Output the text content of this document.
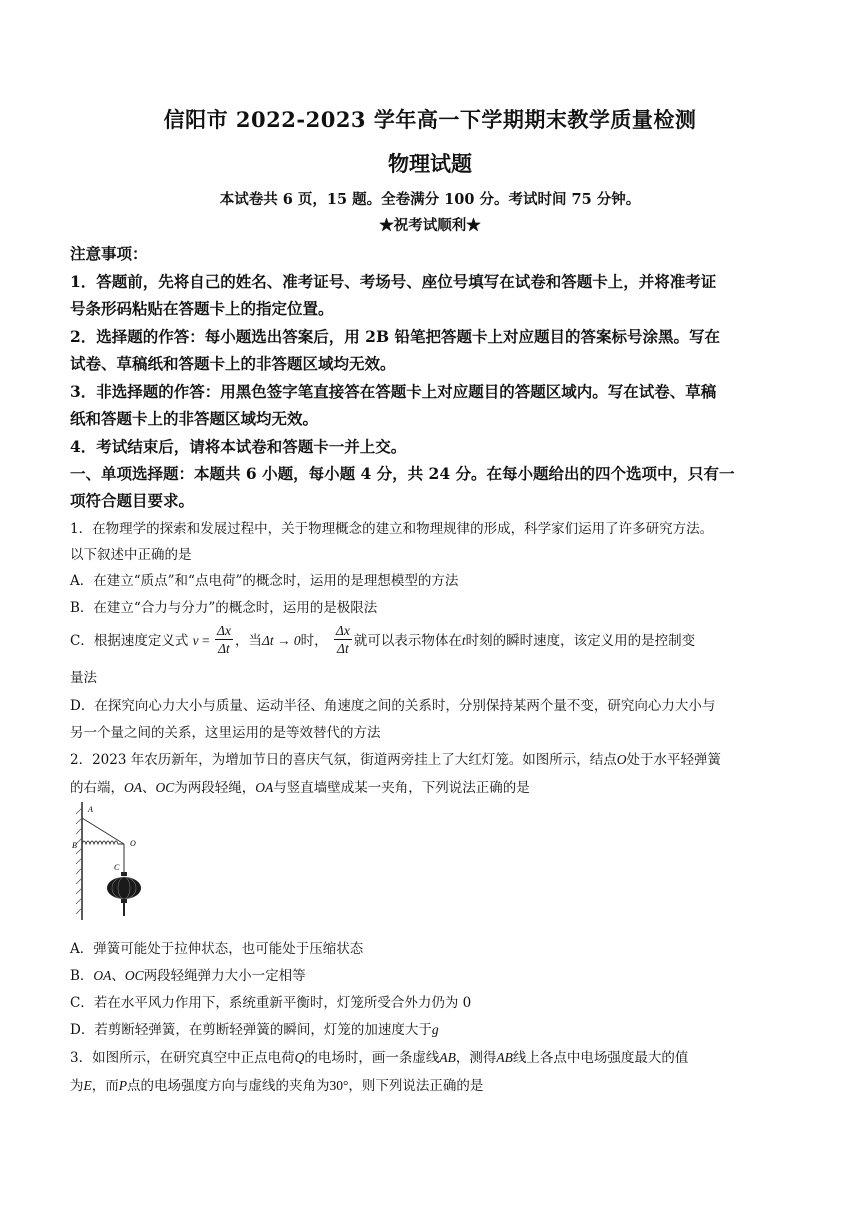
信阳市 2022-2023 学年高一下学期期末教学质量检测
物理试题
本试卷共 6 页，15 题。全卷满分 100 分。考试时间 75 分钟。
★祝考试顺利★
注意事项：
1．答题前，先将自己的姓名、准考证号、考场号、座位号填写在试卷和答题卡上，并将准考证
号条形码粘贴在答题卡上的指定位置。
2．选择题的作答：每小题选出答案后，用 2B 铅笔把答题卡上对应题目的答案标号涂黑。写在
试卷、草稿纸和答题卡上的非答题区域均无效。
3．非选择题的作答：用黑色签字笔直接答在答题卡上对应题目的答题区域内。写在试卷、草稿
纸和答题卡上的非答题区域均无效。
4．考试结束后，请将本试卷和答题卡一并上交。
一、单项选择题：本题共 6 小题，每小题 4 分，共 24 分。在每小题给出的四个选项中，只有一
项符合题目要求。
1．在物理学的探索和发展过程中，关于物理概念的建立和物理规律的形成，科学家们运用了许多研究方法。
以下叙述中正确的是
A．在建立“质点”和“点电荷”的概念时，运用的是理想模型的方法
B．在建立“合力与分力”的概念时，运用的是极限法
C．根据速度定义式 $v = \frac{\Delta x}{\Delta t}$ ，当Δt → 0时， $\frac{\Delta x}{\Delta t}$ 就可以表示物体在t时刻的瞬时速度，该定义用的是控制变
量法
D．在探究向心力大小与质量、运动半径、角速度之间的关系时，分别保持某两个量不变，研究向心力大小与
另一个量之间的关系，这里运用的是等效替代的方法
2．2023 年农历新年，为增加节日的喜庆气氛，街道两旁挂上了大红灯笼。如图所示，结点O处于水平轻弹簧
的右端，OA、OC为两段轻绳，OA与竖直墙壁成某一夹角，下列说法正确的是
A
B	O
C
A．弹簧可能处于拉伸状态，也可能处于压缩状态
B．OA、OC两段轻绳弹力大小一定相等
C．若在水平风力作用下，系统重新平衡时，灯笼所受合外力仍为 0
D．若剪断轻弹簧，在剪断轻弹簧的瞬间，灯笼的加速度大于g
3．如图所示，在研究真空中正点电荷Q的电场时，画一条虚线AB，测得AB线上各点中电场强度最大的值
为E，而P点的电场强度方向与虚线的夹角为30°，则下列说法正确的是
